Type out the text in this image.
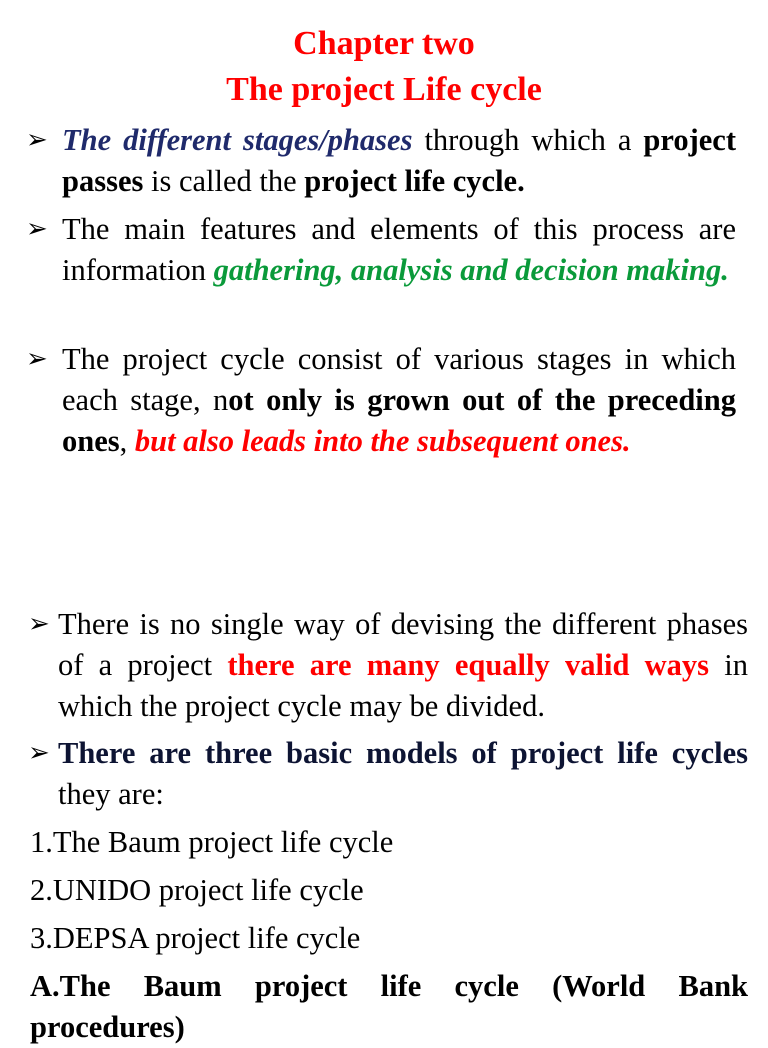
Chapter two
The project Life cycle
➢ The different stages/phases through which a project passes is called the project life cycle.
➢ The main features and elements of this process are information gathering, analysis and decision making.
➢ The project cycle consist of various stages in which each stage, not only is grown out of the preceding ones, but also leads into the subsequent ones.
➢ There is no single way of devising the different phases of a project there are many equally valid ways in which the project cycle may be divided.
➢ There are three basic models of project life cycles they are:
1.The Baum project life cycle
2.UNIDO project life cycle
3.DEPSA project life cycle
A.The Baum project life cycle (World Bank procedures)
